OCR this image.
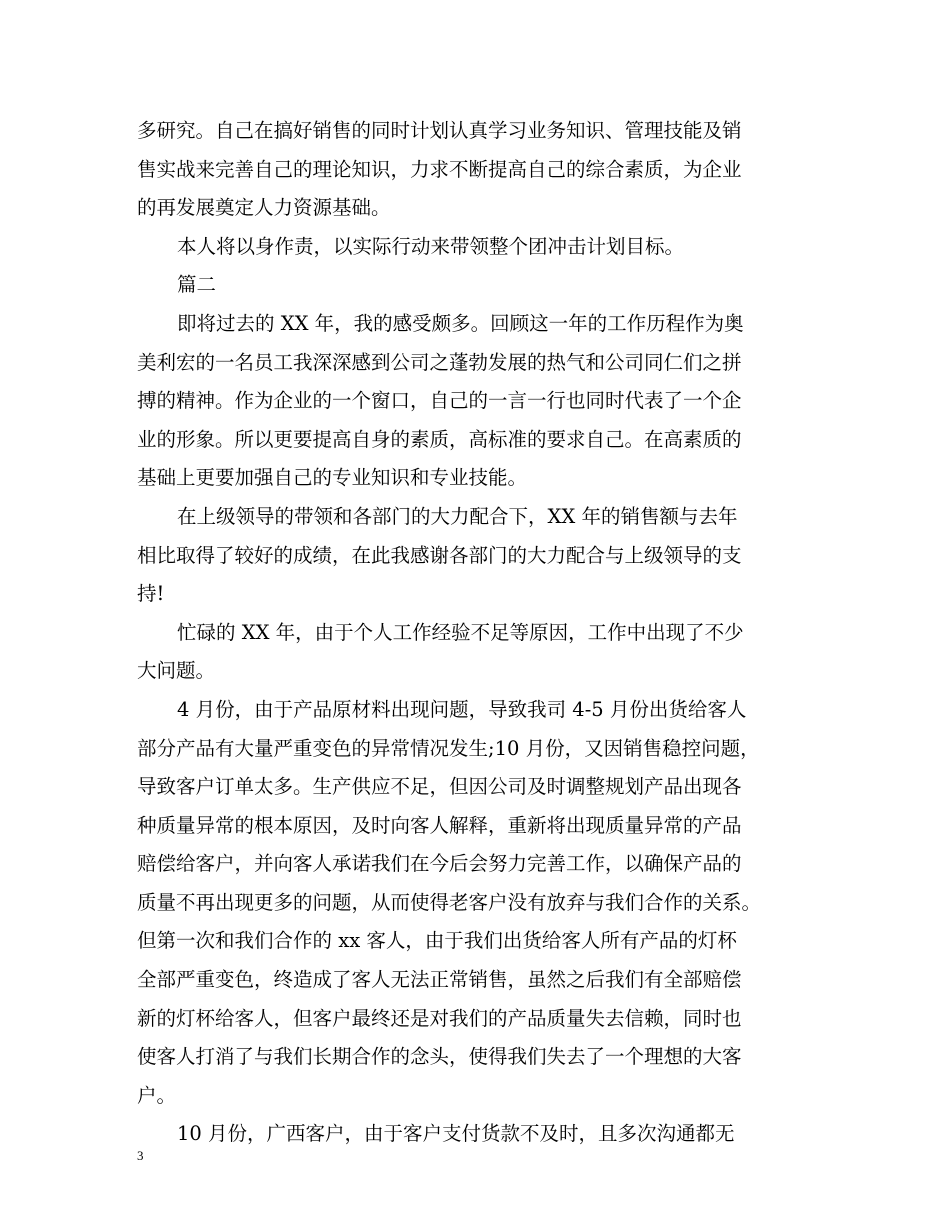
多研究。自己在搞好销售的同时计划认真学习业务知识、管理技能及销
售实战来完善自己的理论知识，力求不断提高自己的综合素质，为企业
的再发展奠定人力资源基础。
本人将以身作责，以实际行动来带领整个团冲击计划目标。
篇二
即将过去的 XX 年，我的感受颇多。回顾这一年的工作历程作为奥
美利宏的一名员工我深深感到公司之蓬勃发展的热气和公司同仁们之拼
搏的精神。作为企业的一个窗口，自己的一言一行也同时代表了一个企
业的形象。所以更要提高自身的素质，高标准的要求自己。在高素质的
基础上更要加强自己的专业知识和专业技能。
在上级领导的带领和各部门的大力配合下，XX 年的销售额与去年
相比取得了较好的成绩，在此我感谢各部门的大力配合与上级领导的支
持!
忙碌的 XX 年，由于个人工作经验不足等原因，工作中出现了不少
大问题。
4 月份，由于产品原材料出现问题，导致我司 4-5 月份出货给客人
部分产品有大量严重变色的异常情况发生;10 月份，又因销售稳控问题，
导致客户订单太多。生产供应不足，但因公司及时调整规划产品出现各
种质量异常的根本原因，及时向客人解释，重新将出现质量异常的产品
赔偿给客户，并向客人承诺我们在今后会努力完善工作，以确保产品的
质量不再出现更多的问题，从而使得老客户没有放弃与我们合作的关系。
但第一次和我们合作的 xx 客人，由于我们出货给客人所有产品的灯杯
全部严重变色，终造成了客人无法正常销售，虽然之后我们有全部赔偿
新的灯杯给客人，但客户最终还是对我们的产品质量失去信赖，同时也
使客人打消了与我们长期合作的念头，使得我们失去了一个理想的大客
户。
10 月份，广西客户，由于客户支付货款不及时，且多次沟通都无
3
